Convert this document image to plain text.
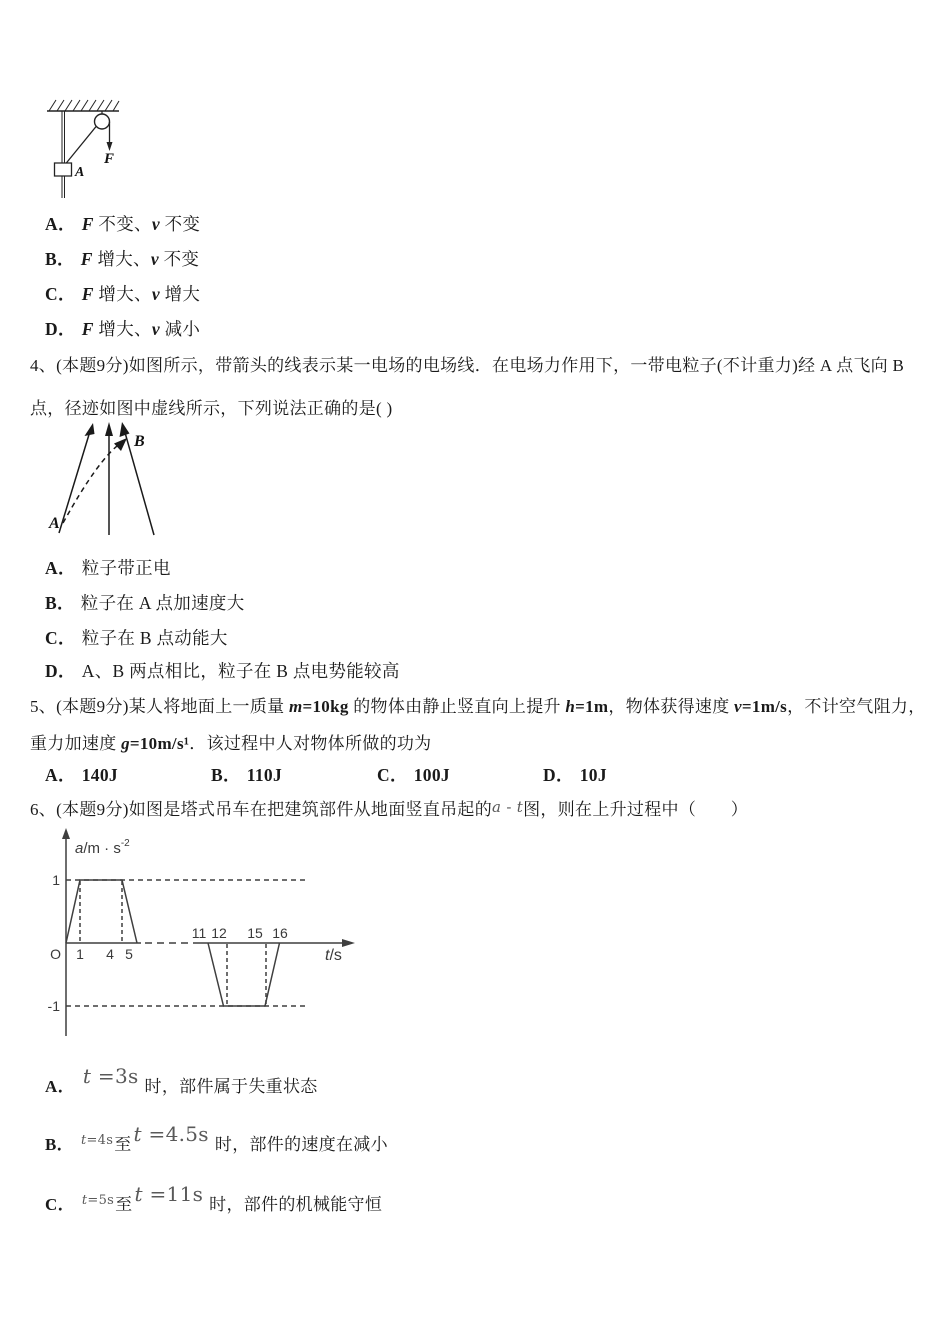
A
F
A． F 不变、v 不变
B． F 增大、v 不变
C． F 增大、v 增大
D． F 增大、v 减小
4、(本题9分)如图所示，带箭头的线表示某一电场的电场线．在电场力作用下，一带电粒子(不计重力)经 A 点飞向 B
点，径迹如图中虚线所示，下列说法正确的是( )
A
B
A． 粒子带正电
B． 粒子在 A 点加速度大
C． 粒子在 B 点动能大
D． A、B 两点相比，粒子在 B 点电势能较高
5、(本题9分)某人将地面上一质量 m=10kg 的物体由静止竖直向上提升 h=1m，物体获得速度 v=1m/s，不计空气阻力，
重力加速度 g=10m/s¹．该过程中人对物体所做的功为
A． 140J	B． 110J	C． 100J	D． 10J
6、(本题9分)如图是塔式吊车在把建筑部件从地面竖直吊起的a - t图，则在上升过程中（　　）
$a/m \cdot s^{-2}$
1
-1
O 1 4 5
11 12 15 16
t/s
A． t =3s 时，部件属于失重状态
B． $^{t=4s}$至 t =4.5s 时，部件的速度在减小
C． $^{t=5s}$至 t =11s 时，部件的机械能守恒
